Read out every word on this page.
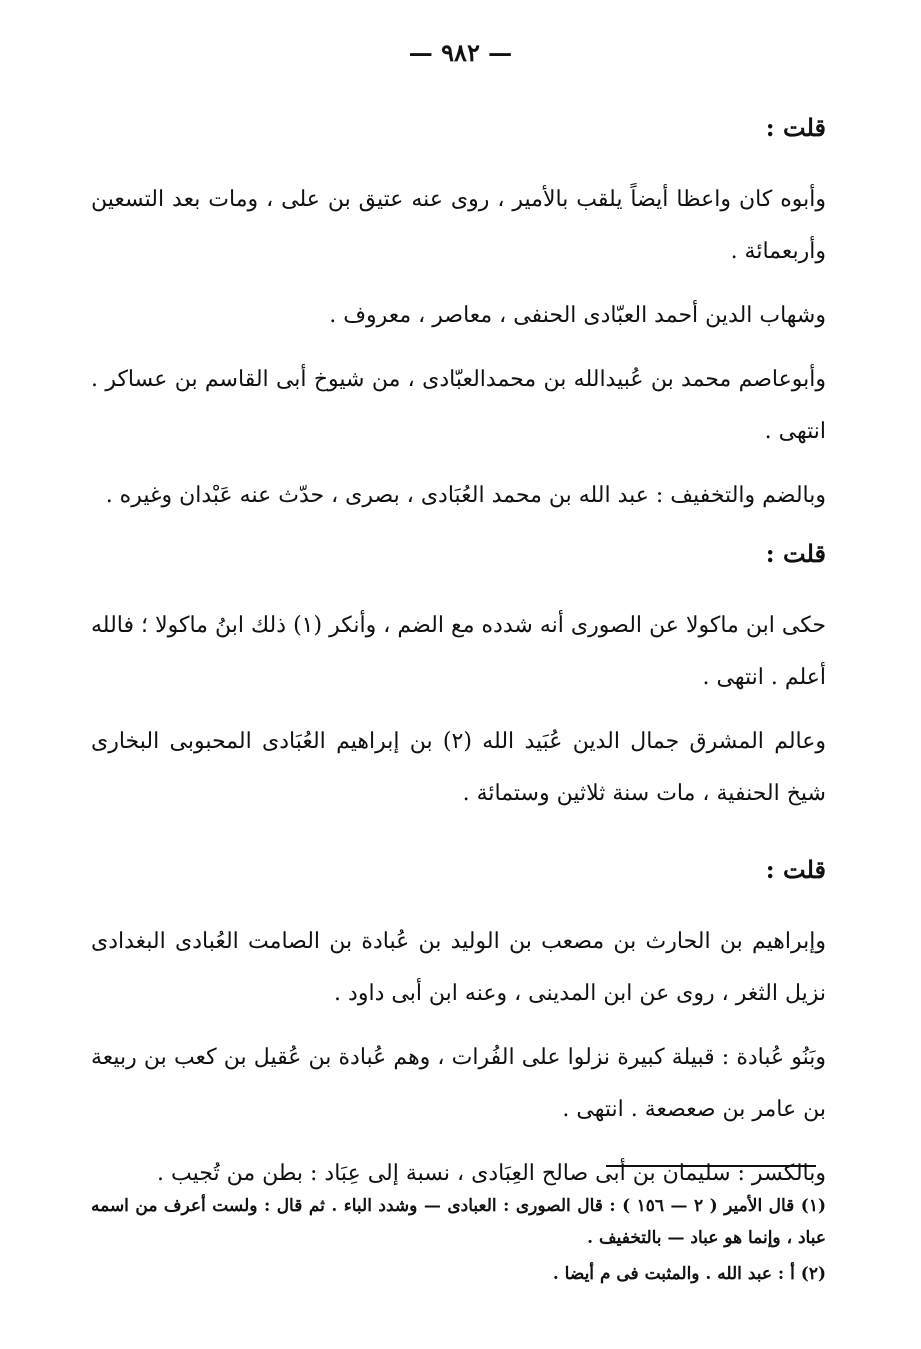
— ٩٨٢ —
قلت :

وأبوه كان واعظا أيضاً يلقب بالأمير ، روى عنه عتيق بن على ، ومات بعد التسعين وأربعمائة .

وشهاب الدين أحمد العبّادى الحنفى ، معاصر ، معروف .

وأبوعاصم محمد بن عُبيدالله بن محمدالعبّادى ، من شيوخ أبى القاسم بن عساكر . انتهى .

وبالضم والتخفيف : عبد الله بن محمد العُبَادى ، بصرى ، حدّث عنه عَبْدان وغيره .

قلت :

حكى ابن ماكولا عن الصورى أنه شدده مع الضم ، وأنكر (١) ذلك ابنُ ماكولا ؛ فالله أعلم . انتهى .

وعالم المشرق جمال الدين عُبَيد الله (٢) بن إبراهيم العُبَادى المحبوبى البخارى شيخ الحنفية ، مات سنة ثلاثين وستمائة .

قلت :

وإبراهيم بن الحارث بن مصعب بن الوليد بن عُبادة بن الصامت العُبادى البغدادى نزيل الثغر ، روى عن ابن المدينى ، وعنه ابن أبى داود .

وبَنُو عُبادة : قبيلة كبيرة نزلوا على الفُرات ، وهم عُبادة بن عُقيل بن كعب بن ربيعة بن عامر بن صعصعة . انتهى .

وبالكسر : سليمان بن أبى صالح العِبَادى ، نسبة إلى عِبَاد : بطن من تُجيب .

(١) قال الأمير ( ٢ — ١٥٦ ) : قال الصورى : العبادى — وشدد الباء . ثم قال : ولست أعرف من اسمه عباد ، وإنما هو عباد — بالتخفيف .

(٢) أ : عبد الله . والمثبت فى م أيضا .
